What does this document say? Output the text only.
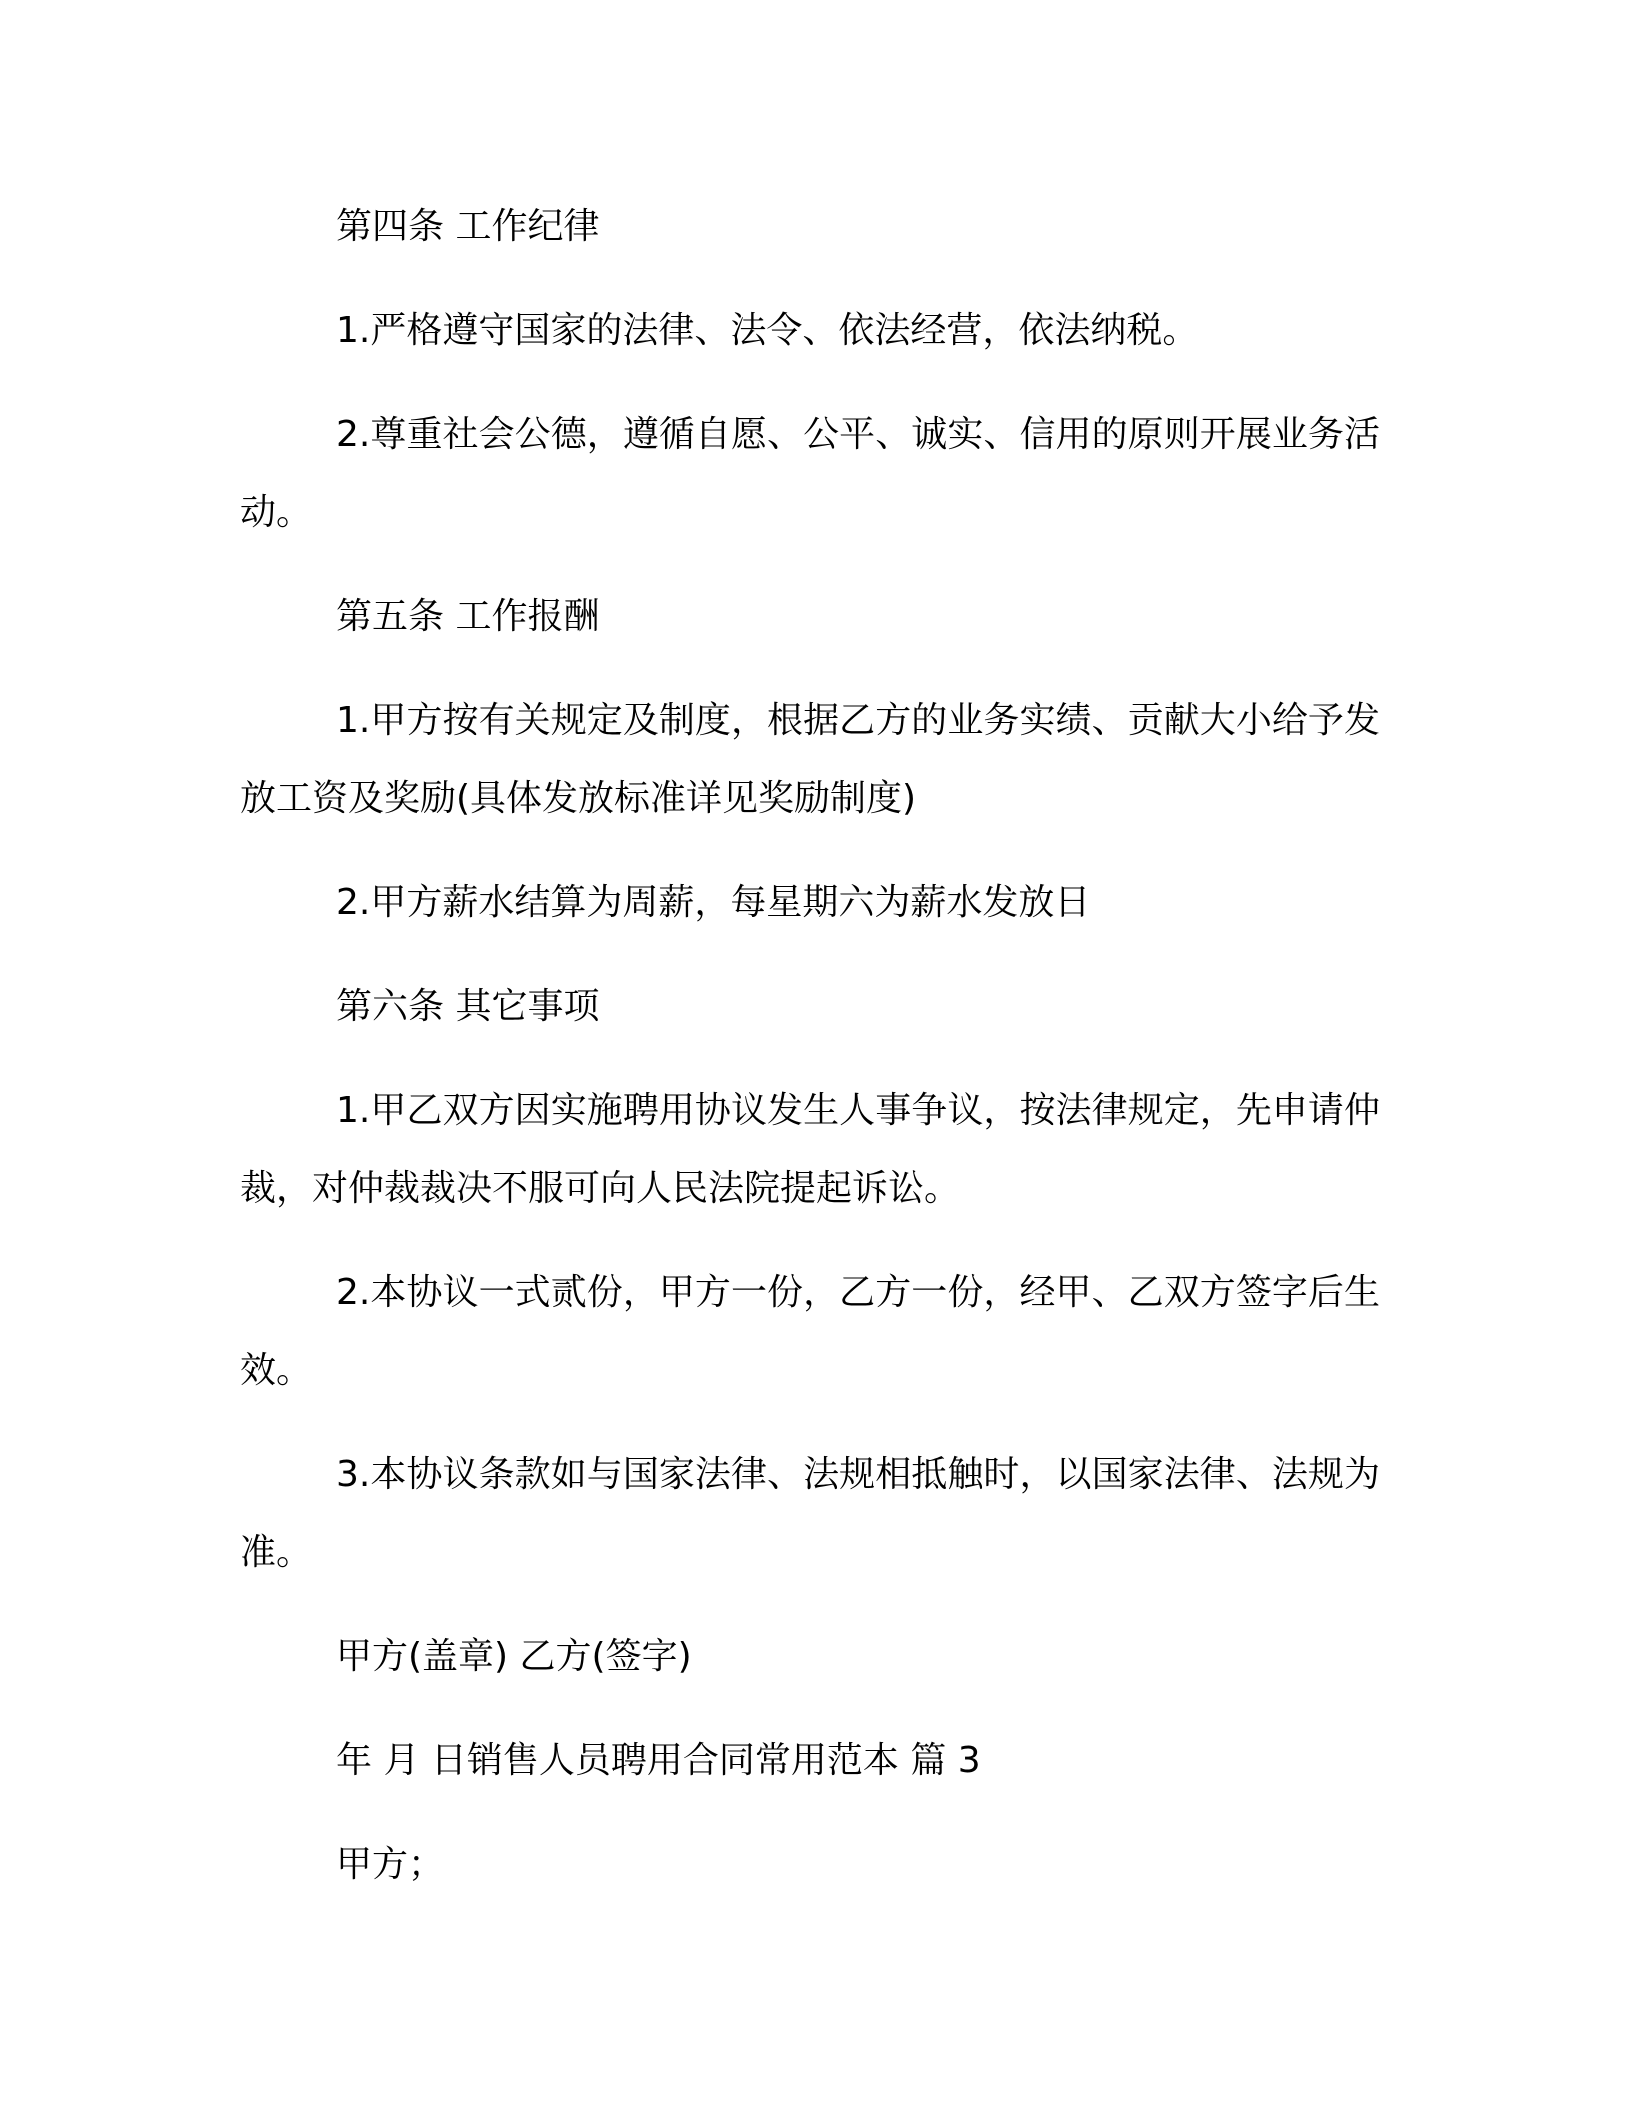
第四条 工作纪律

1.严格遵守国家的法律、法令、依法经营，依法纳税。

2.尊重社会公德，遵循自愿、公平、诚实、信用的原则开展业务活动。

第五条 工作报酬

1.甲方按有关规定及制度，根据乙方的业务实绩、贡献大小给予发放工资及奖励(具体发放标准详见奖励制度)

2.甲方薪水结算为周薪，每星期六为薪水发放日

第六条 其它事项

1.甲乙双方因实施聘用协议发生人事争议，按法律规定，先申请仲裁，对仲裁裁决不服可向人民法院提起诉讼。

2.本协议一式贰份，甲方一份，乙方一份，经甲、乙双方签字后生效。

3.本协议条款如与国家法律、法规相抵触时，以国家法律、法规为准。

甲方(盖章) 乙方(签字)

年 月 日销售人员聘用合同常用范本 篇 3

甲方；
